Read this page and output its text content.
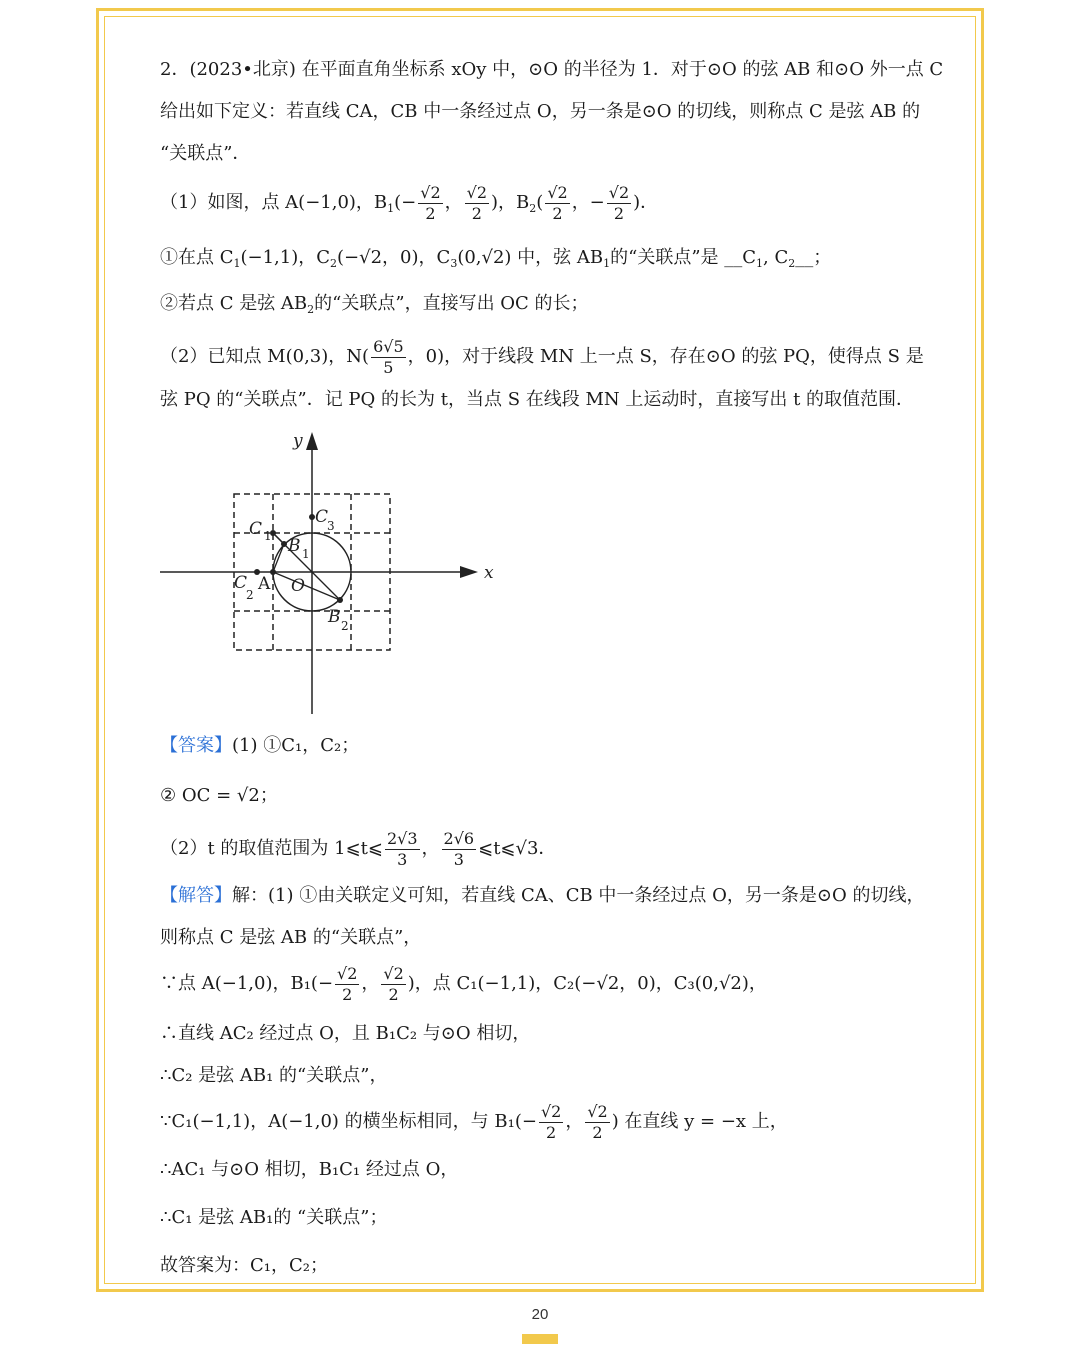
2．(2023•北京) 在平面直角坐标系 xOy 中，⊙O 的半径为 1．对于⊙O 的弦 AB 和⊙O 外一点 C
给出如下定义：若直线 CA，CB 中一条经过点 O，另一条是⊙O 的切线，则称点 C 是弦 AB 的
“关联点”．
（1）如图，点 A(−1,0)，$B_1(- \frac{√2}{2}$ ， $\frac{√2}{2}$ )，$B_2( \frac{√2}{2}$ ，− $\frac{√2}{2}$ )．
①在点 $C_1(-1,1)$，$C_2(-√2$，0)，$C_3(0,√2)$ 中，弦 $AB_1$的“关联点”是 $\_\_C_1$, $C_2\_\_$；
②若点 C 是弦 $AB_2$的“关联点”，直接写出 OC 的长；
（2）已知点 M(0,3)，$N( \frac{6√5}{5}$ ，0)，对于线段 MN 上一点 S，存在⊙O 的弦 PQ，使得点 S 是
弦 PQ 的“关联点”．记 PQ 的长为 t，当点 S 在线段 MN 上运动时，直接写出 t 的取值范围．
x
y
O
C 1
C
2
A
C
3
B 1
B 2
【答案】(1) ①C₁，C₂；
② OC = √2；
（2）t 的取值范围为 1⩽t⩽ $\frac{2√3}{3}$ ， $\frac{2√6}{3}$ ⩽t⩽√3．
【解答】解：(1) ①由关联定义可知，若直线 CA、CB 中一条经过点 O，另一条是⊙O 的切线，
则称点 C 是弦 AB 的“关联点”，
∵点 A(−1,0)，$B_1(- \frac{√2}{2}$ ， $\frac{√2}{2}$ )，点 C₁(−1,1)，C₂(−√2，0)，C₃(0,√2)，
∴直线 AC₂ 经过点 O，且 B₁C₂ 与⊙O 相切，
∴C₂ 是弦 AB₁ 的“关联点”，
∵C₁(−1,1)，A(−1,0) 的横坐标相同，与 $B_1(- \frac{√2}{2}$ ， $\frac{√2}{2}$ ) 在直线 y = −x 上，
∴AC₁ 与⊙O 相切，B₁C₁ 经过点 O，
∴C₁ 是弦 AB₁的 “关联点”；
故答案为：C₁，C₂；
20
